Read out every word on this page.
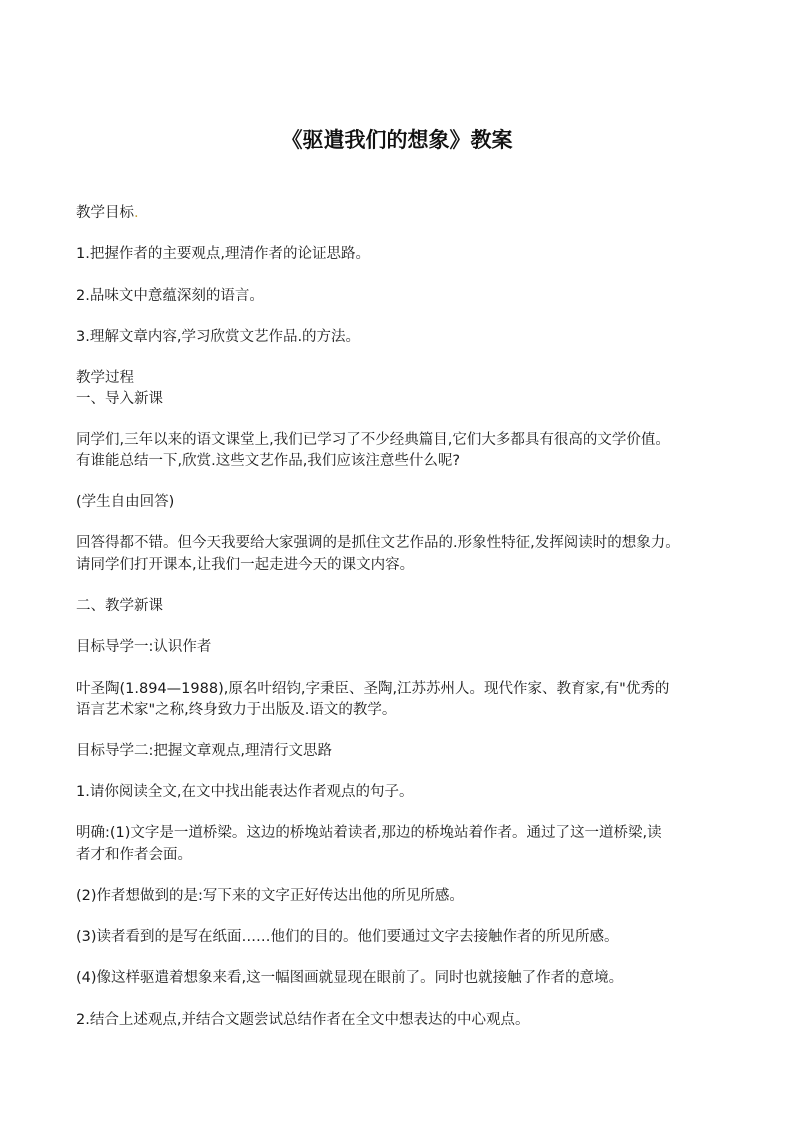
《驱遣我们的想象》教案
教学目标.
1.把握作者的主要观点,理清作者的论证思路。
2.品味文中意蕴深刻的语言。
3.理解文章内容,学习欣赏文艺作品.的方法。
教学过程
一、导入新课
同学们,三年以来的语文课堂上,我们已学习了不少经典篇目,它们大多都具有很高的文学价值。
有谁能总结一下,欣赏.这些文艺作品,我们应该注意些什么呢?
(学生自由回答)
回答得都不错。但今天我要给大家强调的是抓住文艺作品的.形象性特征,发挥阅读时的想象力。
请同学们打开课本,让我们一起走进今天的课文内容。
二、教学新课
目标导学一:认识作者
叶圣陶(1.894—1988),原名叶绍钧,字秉臣、圣陶,江苏苏州人。现代作家、教育家,有"优秀的
语言艺术家"之称,终身致力于出版及.语文的教学。
目标导学二:把握文章观点,理清行文思路
1.请你阅读全文,在文中找出能表达作者观点的句子。
明确:(1)文字是一道桥梁。这边的桥堍站着读者,那边的桥堍站着作者。通过了这一道桥梁,读
者才和作者会面。
(2)作者想做到的是:写下来的文字正好传达出他的所见所感。
(3)读者看到的是写在纸面……他们的目的。他们要通过文字去接触作者的所见所感。
(4)像这样驱遣着想象来看,这一幅图画就显现在眼前了。同时也就接触了作者的意境。
2.结合上述观点,并结合文题尝试总结作者在全文中想表达的中心观点。
